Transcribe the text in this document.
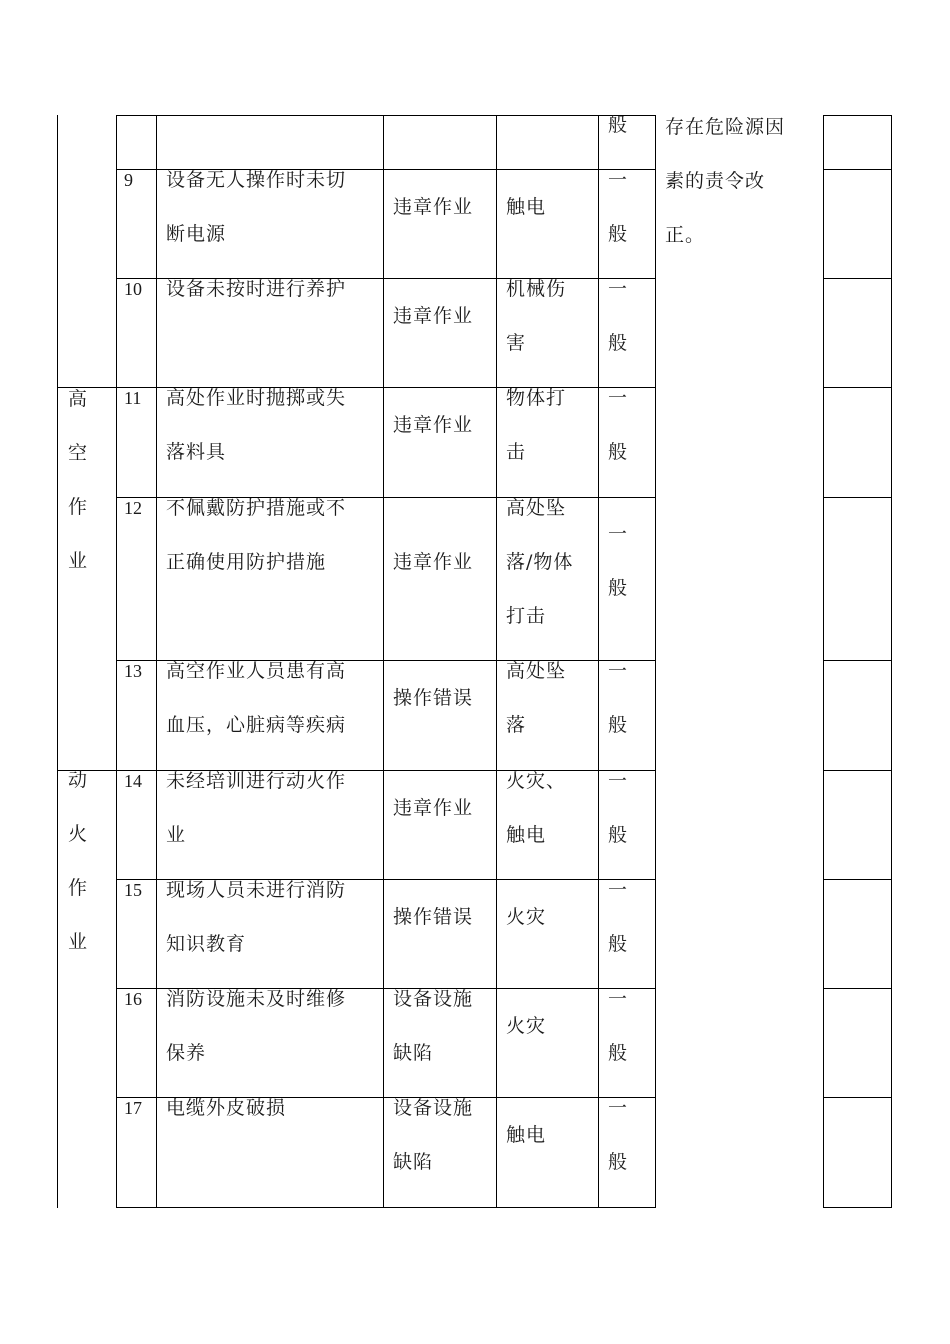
般 存在危险源因
素的责令改
正。
高
空
作
业
动
火
作
业
9 设备无人操作时未切
断电源
违章作业 触电
一
般
10 设备未按时进行养护
违章作业
机械伤
害
一
般
11 高处作业时抛掷或失
落料具
违章作业
物体打
击
一
般
12 不佩戴防护措施或不
正确使用防护措施	违章作业
高处坠
落/物体
打击
一
般
13 高空作业人员患有高
血压，心脏病等疾病
操作错误
高处坠
落
一
般
14 未经培训进行动火作
业
违章作业
火灾、
触电
一
般
15 现场人员未进行消防
知识教育
操作错误 火灾
一
般
16 消防设施未及时维修
保养
设备设施
缺陷
火灾
一
般
17 电缆外皮破损	设备设施
缺陷
触电
一
般
